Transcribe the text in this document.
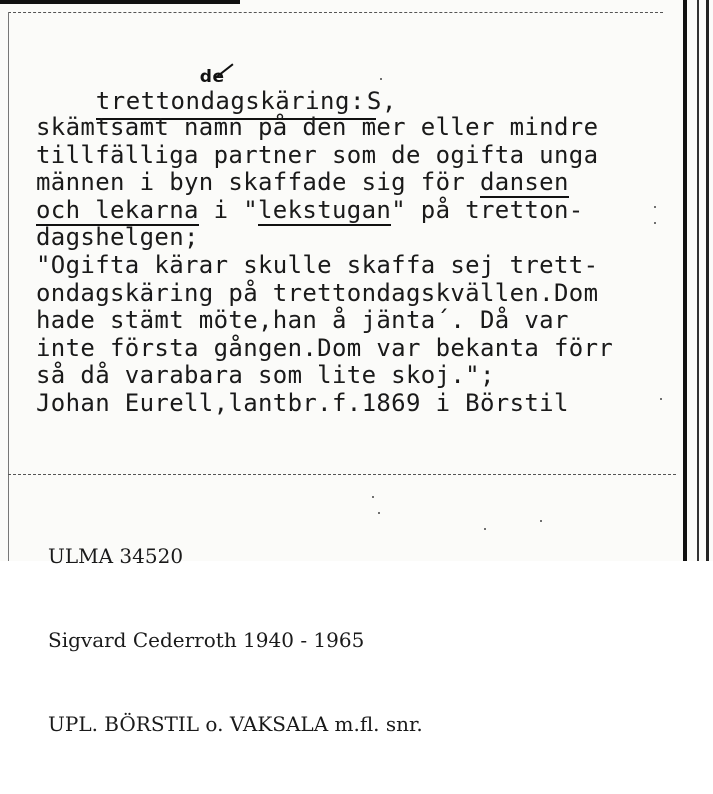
trettondagskäring:
de
S,

skämtsamt namn på den mer eller mindre
tillfälliga partner som de ogifta unga
männen i byn skaffade sig för dansen
och lekarna i "lekstugan" på tretton-
dagshelgen;
"Ogifta kärar skulle skaffa sej trett-
ondagskäring på trettondagskvällen.Dom
hade stämt möte,han å jänta´. Då var
inte första gången.Dom var bekanta förr
så då varabara som lite skoj.";
Johan Eurell,lantbr.f.1869 i Börstil

ULMA 34520

Sigvard Cederroth 1940 - 1965

UPL. BÖRSTIL o. VAKSALA m.fl. snr.
